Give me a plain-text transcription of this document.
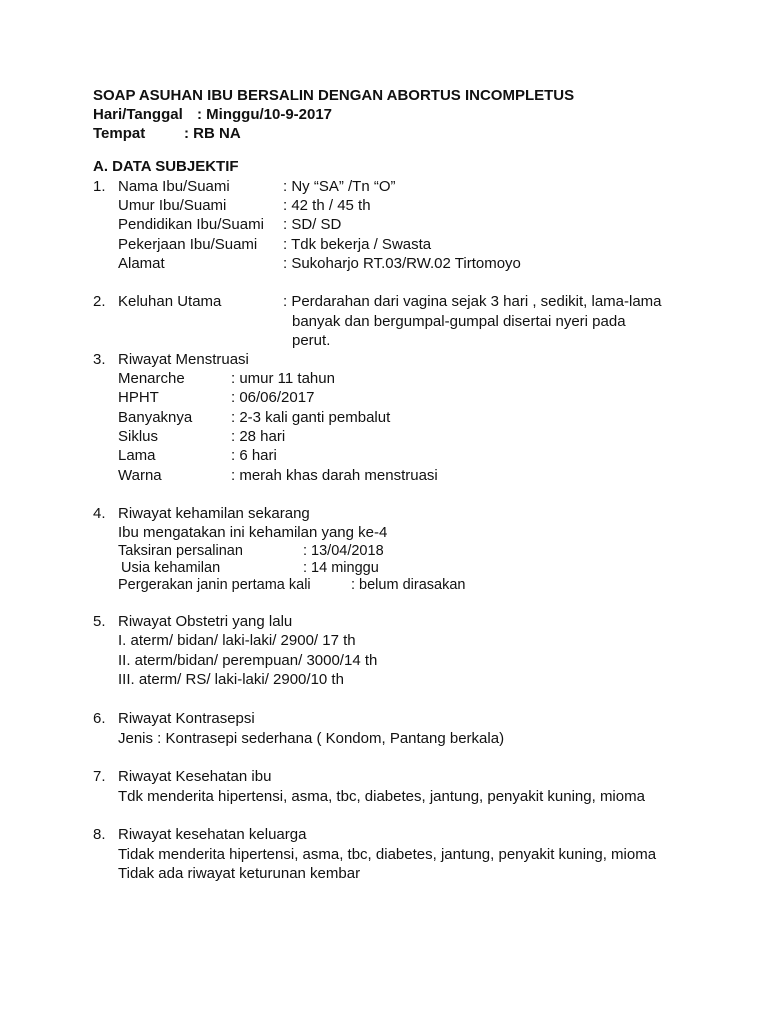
SOAP ASUHAN IBU BERSALIN DENGAN ABORTUS INCOMPLETUS
Hari/Tanggal : Minggu/10-9-2017
Tempat	: RB NA
A. DATA SUBJEKTIF
1. Nama Ibu/Suami	: Ny “SA” /Tn “O”
Umur Ibu/Suami	: 42 th / 45 th
Pendidikan Ibu/Suami : SD/ SD
Pekerjaan Ibu/Suami : Tdk bekerja / Swasta
Alamat	: Sukoharjo RT.03/RW.02 Tirtomoyo
2. Keluhan Utama	: Perdarahan dari vagina sejak 3 hari , sedikit, lama-lama
banyak dan bergumpal-gumpal disertai nyeri pada
perut.
3. Riwayat Menstruasi
Menarche	: umur 11 tahun
HPHT	: 06/06/2017
Banyaknya	: 2-3 kali ganti pembalut
Siklus	: 28 hari
Lama	: 6 hari
Warna	: merah khas darah menstruasi
4. Riwayat kehamilan sekarang
Ibu mengatakan ini kehamilan yang ke-4
Taksiran persalinan	: 13/04/2018
Usia kehamilan	: 14 minggu
Pergerakan janin pertama kali	: belum dirasakan
5. Riwayat Obstetri yang lalu
I. aterm/ bidan/ laki-laki/ 2900/ 17 th
II. aterm/bidan/ perempuan/ 3000/14 th
III. aterm/ RS/ laki-laki/ 2900/10 th
6. Riwayat Kontrasepsi
Jenis : Kontrasepi sederhana ( Kondom, Pantang berkala)
7. Riwayat Kesehatan ibu
Tdk menderita hipertensi, asma, tbc, diabetes, jantung, penyakit kuning, mioma
8. Riwayat kesehatan keluarga
Tidak menderita hipertensi, asma, tbc, diabetes, jantung, penyakit kuning, mioma
Tidak ada riwayat keturunan kembar
